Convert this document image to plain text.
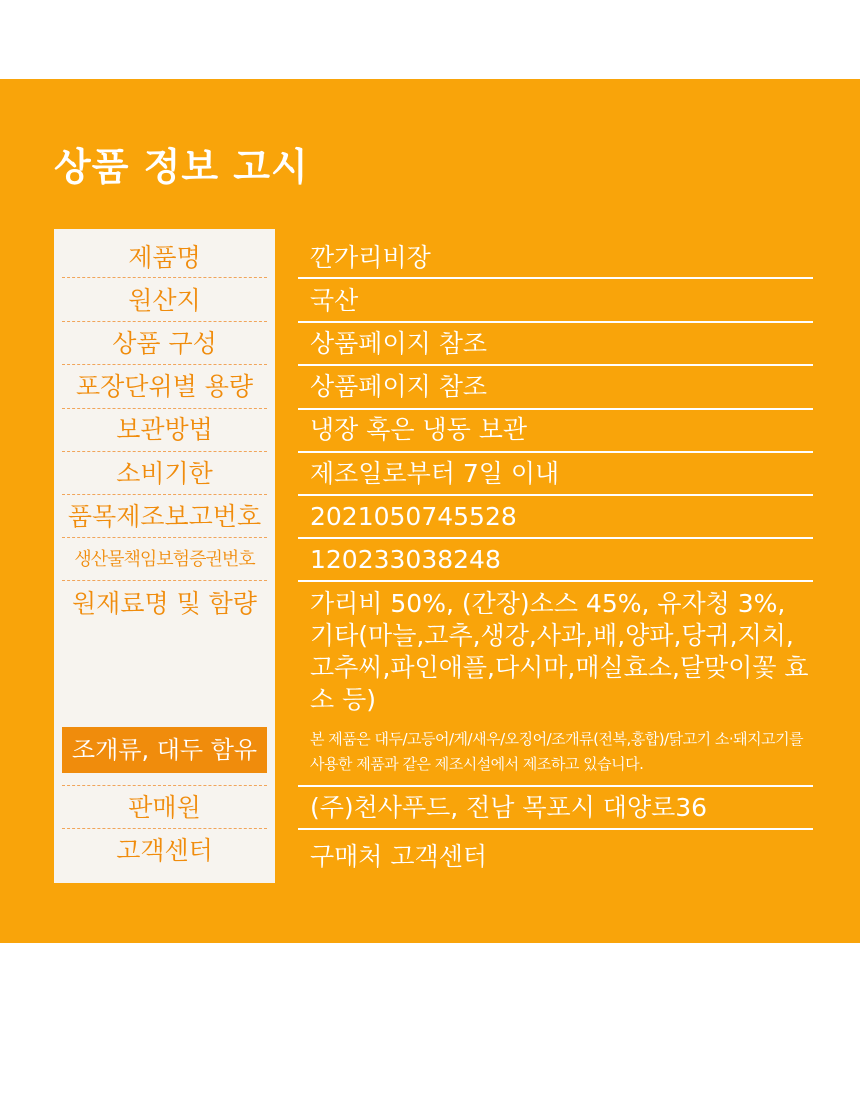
상품 정보 고시
제품명
원산지
상품 구성
포장단위별 용량
보관방법
소비기한
품목제조보고번호
생산물책임보험증권번호
원재료명 및 함량
조개류, 대두 함유
판매원
고객센터
깐가리비장
국산
상품페이지 참조
상품페이지 참조
냉장 혹은 냉동 보관
제조일로부터 7일 이내
2021050745528
120233038248
가리비 50%, (간장)소스 45%, 유자청 3%, 기타(마늘,고추,생강,사과,배,양파,당귀,지치, 고추씨,파인애플,다시마,매실효소,달맞이꽃 효소 등)
본 제품은 대두/고등어/게/새우/오징어/조개류(전복,홍합)/닭고기 소·돼지고기를 사용한 제품과 같은 제조시설에서 제조하고 있습니다.
(주)천사푸드, 전남 목포시 대양로36
구매처 고객센터
